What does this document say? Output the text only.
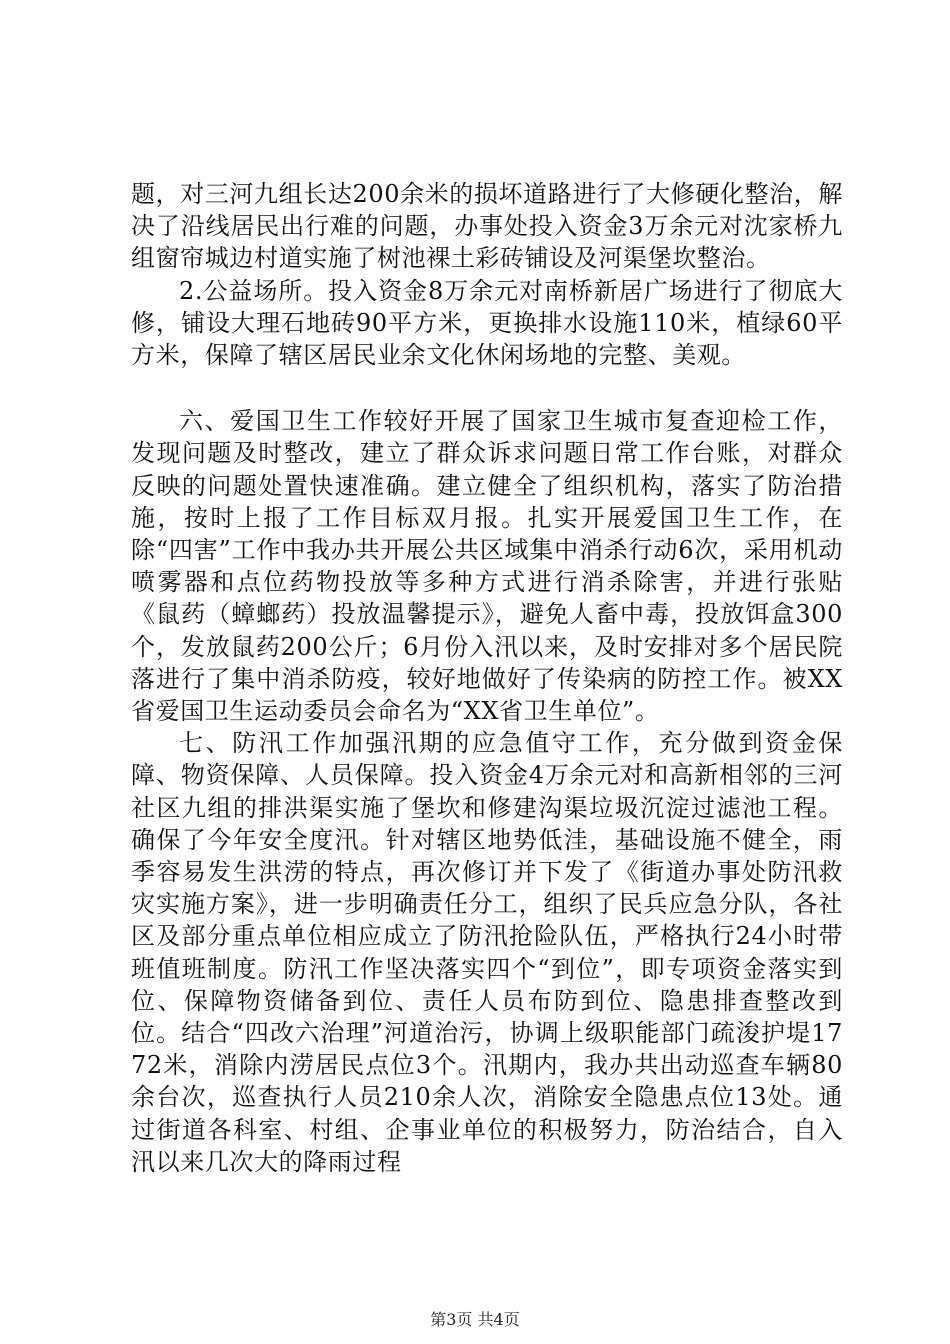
题，对三河九组长达200余米的损坏道路进行了大修硬化整治，解决了沿线居民出行难的问题，办事处投入资金3万余元对沈家桥九组窗帘城边村道实施了树池裸土彩砖铺设及河渠堡坎整治。

2.公益场所。投入资金8万余元对南桥新居广场进行了彻底大修，铺设大理石地砖90平方米，更换排水设施110米，植绿60平方米，保障了辖区居民业余文化休闲场地的完整、美观。

六、爱国卫生工作较好开展了国家卫生城市复查迎检工作，发现问题及时整改，建立了群众诉求问题日常工作台账，对群众反映的问题处置快速准确。建立健全了组织机构，落实了防治措施，按时上报了工作目标双月报。扎实开展爱国卫生工作，在除“四害”工作中我办共开展公共区域集中消杀行动6次，采用机动喷雾器和点位药物投放等多种方式进行消杀除害，并进行张贴《鼠药（蟑螂药）投放温馨提示》，避免人畜中毒，投放饵盒300个，发放鼠药200公斤；6月份入汛以来，及时安排对多个居民院落进行了集中消杀防疫，较好地做好了传染病的防控工作。被XX省爱国卫生运动委员会命名为“XX省卫生单位”。

七、防汛工作加强汛期的应急值守工作，充分做到资金保障、物资保障、人员保障。投入资金4万余元对和高新相邻的三河社区九组的排洪渠实施了堡坎和修建沟渠垃圾沉淀过滤池工程。确保了今年安全度汛。针对辖区地势低洼，基础设施不健全，雨季容易发生洪涝的特点，再次修订并下发了《街道办事处防汛救灾实施方案》，进一步明确责任分工，组织了民兵应急分队，各社区及部分重点单位相应成立了防汛抢险队伍，严格执行24小时带班值班制度。防汛工作坚决落实四个“到位”，即专项资金落实到位、保障物资储备到位、责任人员布防到位、隐患排查整改到位。结合“四改六治理”河道治污，协调上级职能部门疏浚护堤1772米，消除内涝居民点位3个。汛期内，我办共出动巡查车辆80余台次，巡查执行人员210余人次，消除安全隐患点位13处。通过街道各科室、村组、企事业单位的积极努力，防治结合，自入汛以来几次大的降雨过程

第3页 共4页
